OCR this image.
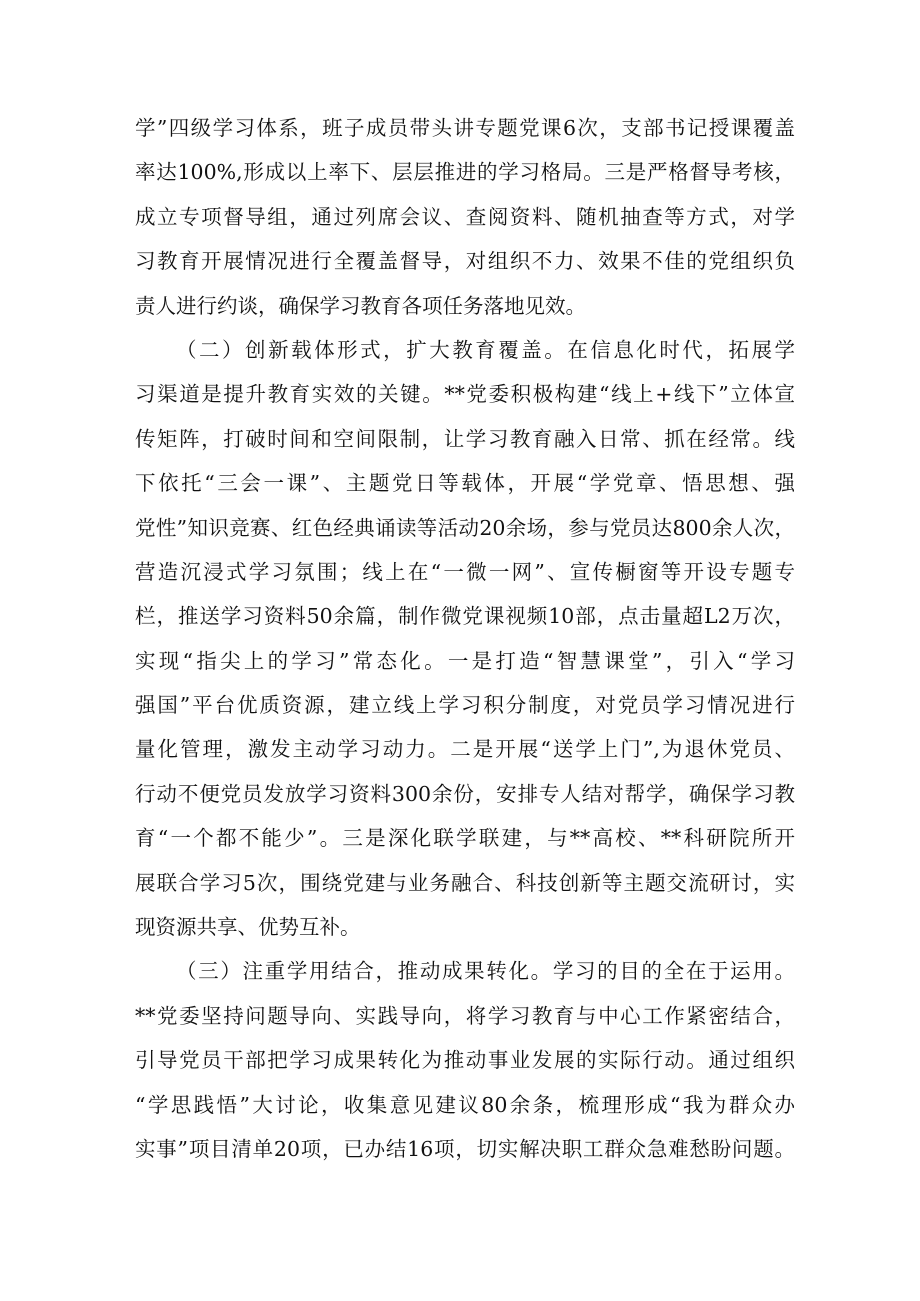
学”四级学习体系，班子成员带头讲专题党课6次，支部书记授课覆盖
率达100%,形成以上率下、层层推进的学习格局。三是严格督导考核，
成立专项督导组，通过列席会议、查阅资料、随机抽查等方式，对学
习教育开展情况进行全覆盖督导，对组织不力、效果不佳的党组织负
责人进行约谈，确保学习教育各项任务落地见效。
（二）创新载体形式，扩大教育覆盖。在信息化时代，拓展学
习渠道是提升教育实效的关键。**党委积极构建“线上+线下”立体宣
传矩阵，打破时间和空间限制，让学习教育融入日常、抓在经常。线
下依托“三会一课”、主题党日等载体，开展“学党章、悟思想、强
党性”知识竞赛、红色经典诵读等活动20余场，参与党员达800余人次，
营造沉浸式学习氛围；线上在“一微一网”、宣传橱窗等开设专题专
栏，推送学习资料50余篇，制作微党课视频10部，点击量超L2万次，
实现“指尖上的学习”常态化。一是打造“智慧课堂”，引入“学习
强国”平台优质资源，建立线上学习积分制度，对党员学习情况进行
量化管理，激发主动学习动力。二是开展“送学上门”,为退休党员、
行动不便党员发放学习资料300余份，安排专人结对帮学，确保学习教
育“一个都不能少”。三是深化联学联建，与**高校、**科研院所开
展联合学习5次，围绕党建与业务融合、科技创新等主题交流研讨，实
现资源共享、优势互补。
（三）注重学用结合，推动成果转化。学习的目的全在于运用。
**党委坚持问题导向、实践导向，将学习教育与中心工作紧密结合，
引导党员干部把学习成果转化为推动事业发展的实际行动。通过组织
“学思践悟”大讨论，收集意见建议80余条，梳理形成“我为群众办
实事”项目清单20项，已办结16项，切实解决职工群众急难愁盼问题。
